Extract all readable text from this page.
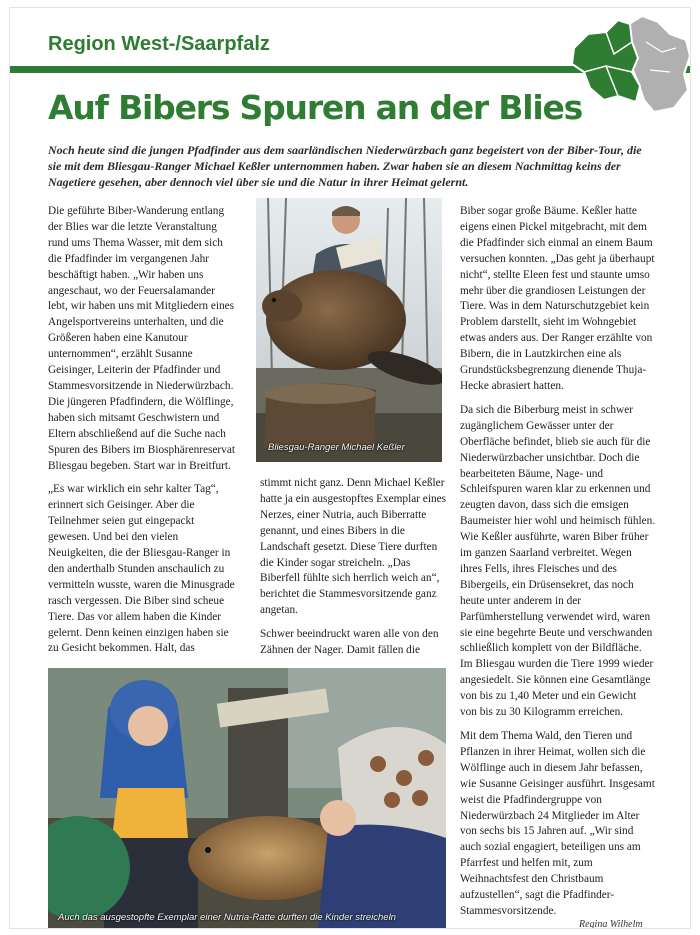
Region West-/Saarpfalz
Auf Bibers Spuren an der Blies
Noch heute sind die jungen Pfadfinder aus dem saarländischen Niederwürzbach ganz begeistert von der Biber-Tour, die sie mit dem Bliesgau-Ranger Michael Keßler unternommen haben. Zwar haben sie an diesem Nachmittag keins der Nagetiere gesehen, aber dennoch viel über sie und die Natur in ihrer Heimat gelernt.

Die geführte Biber-Wanderung entlang der Blies war die letzte Veranstaltung rund ums Thema Wasser, mit dem sich die Pfadfinder im vergangenen Jahr beschäftigt haben. „Wir haben uns angeschaut, wo der Feuersalamander lebt, wir haben uns mit Mitgliedern eines Angelsportvereins unterhalten, und die Größeren haben eine Kanutour unternommen“, erzählt Susanne Geisinger, Leiterin der Pfadfinder und Stammesvorsitzende in Niederwürzbach. Die jüngeren Pfadfindern, die Wölflinge, haben sich mitsamt Geschwistern und Eltern abschließend auf die Suche nach Spuren des Bibers im Biosphärenreservat Bliesgau begeben. Start war in Breitfurt.

„Es war wirklich ein sehr kalter Tag“, erinnert sich Geisinger. Aber die Teilnehmer seien gut eingepackt gewesen. Und bei den vielen Neuigkeiten, die der Bliesgau-Ranger in den anderthalb Stunden anschaulich zu vermitteln wusste, waren die Minusgrade rasch vergessen. Die Biber sind scheue Tiere. Das vor allem haben die Kinder gelernt. Denn keinen einzigen haben sie zu Gesicht bekommen. Halt, das

Bliesgau-Ranger Michael Keßler

stimmt nicht ganz. Denn Michael Keßler hatte ja ein ausgestopftes Exemplar eines Nerzes, einer Nutria, auch Biberratte genannt, und eines Bibers in die Landschaft gesetzt. Diese Tiere durften die Kinder sogar streicheln. „Das Biberfell fühlte sich herrlich weich an“, berichtet die Stammesvorsitzende ganz angetan.

Schwer beeindruckt waren alle von den Zähnen der Nager. Damit fällen die

Auch das ausgestopfte Exemplar einer Nutria-Ratte durften die Kinder streicheln

Biber sogar große Bäume. Keßler hatte eigens einen Pickel mitgebracht, mit dem die Pfadfinder sich einmal an einem Baum versuchen konnten. „Das geht ja überhaupt nicht“, stellte Eleen fest und staunte umso mehr über die grandiosen Leistungen der Tiere. Was in dem Naturschutzgebiet kein Problem darstellt, sieht im Wohngebiet etwas anders aus. Der Ranger erzählte von Bibern, die in Lautzkirchen eine als Grundstücksbegrenzung dienende Thuja-Hecke abrasiert hatten.

Da sich die Biberburg meist in schwer zugänglichem Gewässer unter der Oberfläche befindet, blieb sie auch für die Niederwürzbacher unsichtbar. Doch die bearbeiteten Bäume, Nage- und Schleifspuren waren klar zu erkennen und zeugten davon, dass sich die emsigen Baumeister hier wohl und heimisch fühlen. Wie Keßler ausführte, waren Biber früher im ganzen Saarland verbreitet. Wegen ihres Fells, ihres Fleisches und des Bibergeils, ein Drüsensekret, das noch heute unter anderem in der Parfümherstellung verwendet wird, waren sie eine begehrte Beute und verschwanden schließlich komplett von der Bildfläche. Im Bliesgau wurden die Tiere 1999 wieder angesiedelt. Sie können eine Gesamtlänge von bis zu 1,40 Meter und ein Gewicht von bis zu 30 Kilogramm erreichen.

Mit dem Thema Wald, den Tieren und Pflanzen in ihrer Heimat, wollen sich die Wölflinge auch in diesem Jahr befassen, wie Susanne Geisinger ausführt. Insgesamt weist die Pfadfindergruppe von Niederwürzbach 24 Mitglieder im Alter von sechs bis 15 Jahren auf. „Wir sind auch sozial engagiert, beteiligen uns am Pfarrfest und helfen mit, zum Weihnachtsfest den Christbaum aufzustellen“, sagt die Pfadfinder-Stammesvorsitzende.

Regina Wilhelm
